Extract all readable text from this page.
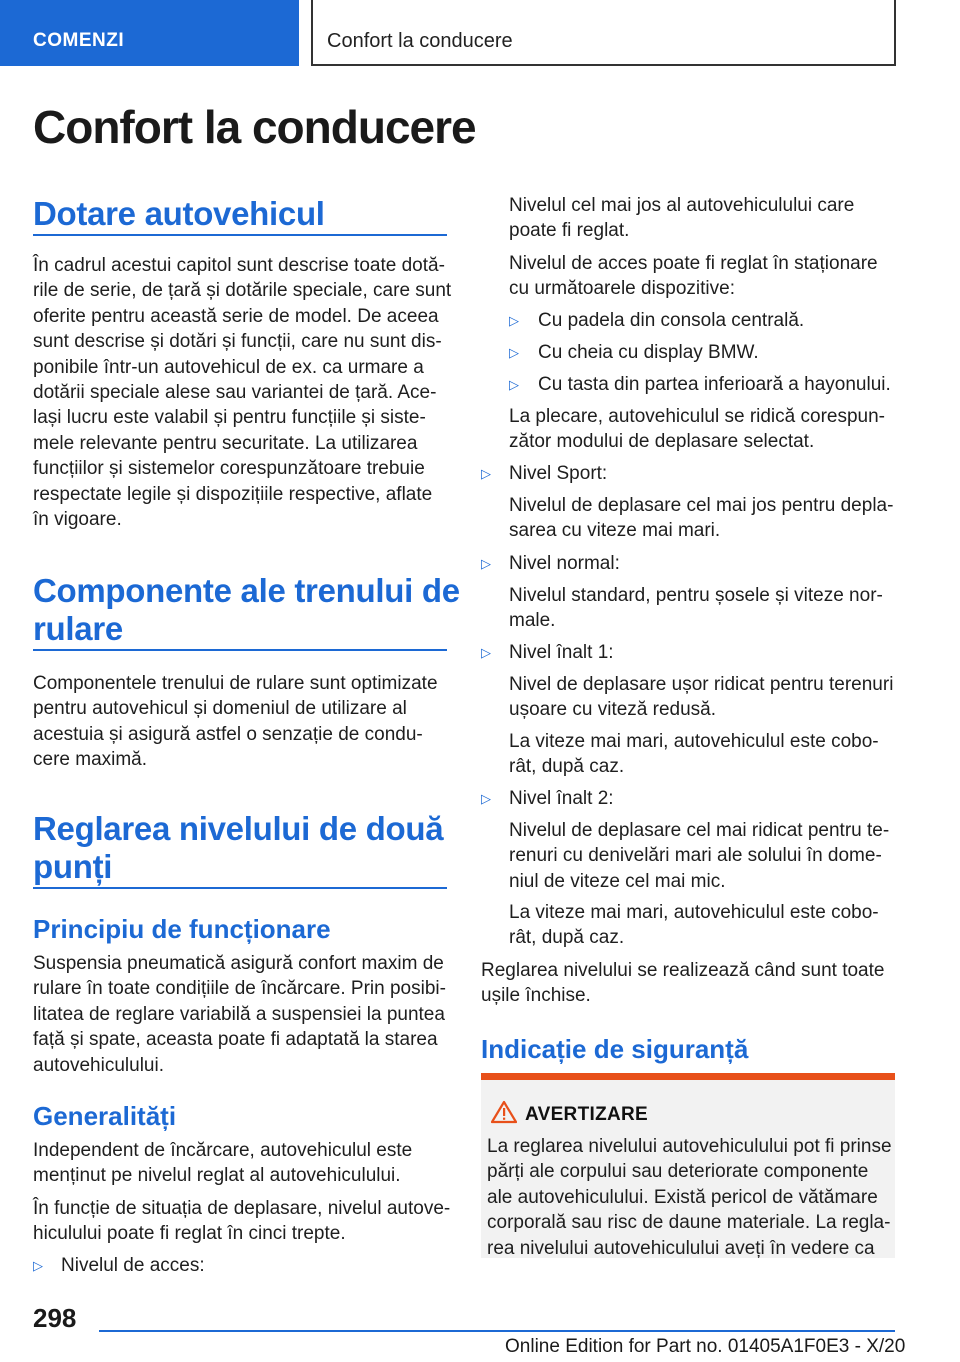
COMENZI	Confort la conducere
Confort la conducere
Dotare autovehicul
În cadrul acestui capitol sunt descrise toate dotă-
rile de serie, de țară și dotările speciale, care sunt
oferite pentru această serie de model. De aceea
sunt descrise și dotări și funcții, care nu sunt dis-
ponibile într-un autovehicul de ex. ca urmare a
dotării speciale alese sau variantei de țară. Ace-
lași lucru este valabil și pentru funcțiile și siste-
mele relevante pentru securitate. La utilizarea
funcțiilor și sistemelor corespunzătoare trebuie
respectate legile și dispozițiile respective, aflate
în vigoare.
Componente ale trenului de
rulare
Componentele trenului de rulare sunt optimizate
pentru autovehicul și domeniul de utilizare al
acestuia și asigură astfel o senzație de condu-
cere maximă.
Reglarea nivelului de două
punți
Principiu de funcționare
Suspensia pneumatică asigură confort maxim de
rulare în toate condițiile de încărcare. Prin posibi-
litatea de reglare variabilă a suspensiei la puntea
față și spate, aceasta poate fi adaptată la starea
autovehiculului.
Generalități
Independent de încărcare, autovehiculul este
menținut pe nivelul reglat al autovehiculului.
În funcție de situația de deplasare, nivelul autove-
hiculului poate fi reglat în cinci trepte.
▷ Nivelul de acces:
Nivelul cel mai jos al autovehiculului care
poate fi reglat.
Nivelul de acces poate fi reglat în staționare
cu următoarele dispozitive:
▷	Cu padela din consola centrală.
▷	Cu cheia cu display BMW.
▷	Cu tasta din partea inferioară a hayonului.
La plecare, autovehiculul se ridică corespun-
zător modului de deplasare selectat.
▷ Nivel Sport:
Nivelul de deplasare cel mai jos pentru depla-
sarea cu viteze mai mari.
▷ Nivel normal:
Nivelul standard, pentru șosele și viteze nor-
male.
▷ Nivel înalt 1:
Nivel de deplasare ușor ridicat pentru terenuri
ușoare cu viteză redusă.
La viteze mai mari, autovehiculul este cobo-
rât, după caz.
▷ Nivel înalt 2:
Nivelul de deplasare cel mai ridicat pentru te-
renuri cu denivelări mari ale solului în dome-
niul de viteze cel mai mic.
La viteze mai mari, autovehiculul este cobo-
rât, după caz.
Reglarea nivelului se realizează când sunt toate
ușile închise.
Indicație de siguranță
AVERTIZARE
La reglarea nivelului autovehiculului pot fi prinse
părți ale corpului sau deteriorate componente
ale autovehiculului. Există pericol de vătămare
corporală sau risc de daune materiale. La regla-
rea nivelului autovehiculului aveți în vedere ca
298
Online Edition for Part no. 01405A1F0E3 - X/20
